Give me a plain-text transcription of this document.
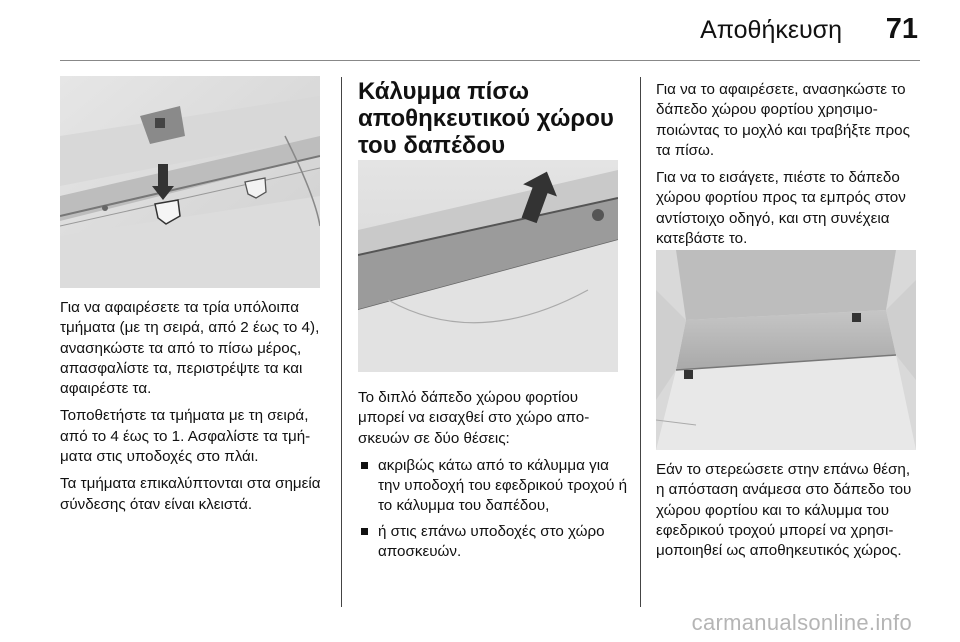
Αποθήκευση 71

Για να αφαιρέσετε τα τρία υπόλοιπα τμήματα (με τη σειρά, από 2 έως το 4), ανασηκώστε τα από το πίσω μέρος, απασφαλίστε τα, περιστρέψτε τα και αφαιρέστε τα.

Τοποθετήστε τα τμήματα με τη σειρά, από το 4 έως το 1. Ασφαλίστε τα τμήματα στις υποδοχές στο πλάι.

Τα τμήματα επικαλύπτονται στα σημεία σύνδεσης όταν είναι κλειστά.

Κάλυμμα πίσω αποθηκευτικού χώρου του δαπέδου

Το διπλό δάπεδο χώρου φορτίου μπορεί να εισαχθεί στο χώρο αποσκευών σε δύο θέσεις:

ακριβώς κάτω από το κάλυμμα για την υποδοχή του εφεδρικού τροχού ή το κάλυμμα του δαπέδου,
ή στις επάνω υποδοχές στο χώρο αποσκευών.

Για να το αφαιρέσετε, ανασηκώστε το δάπεδο χώρου φορτίου χρησιμοποιώντας το μοχλό και τραβήξτε προς τα πίσω.

Για να το εισάγετε, πιέστε το δάπεδο χώρου φορτίου προς τα εμπρός στον αντίστοιχο οδηγό, και στη συνέχεια κατεβάστε το.

Εάν το στερεώσετε στην επάνω θέση, η απόσταση ανάμεσα στο δάπεδο του χώρου φορτίου και το κάλυμμα του εφεδρικού τροχού μπορεί να χρησιμοποιηθεί ως αποθηκευτικός χώρος.

carmanualsonline.info
